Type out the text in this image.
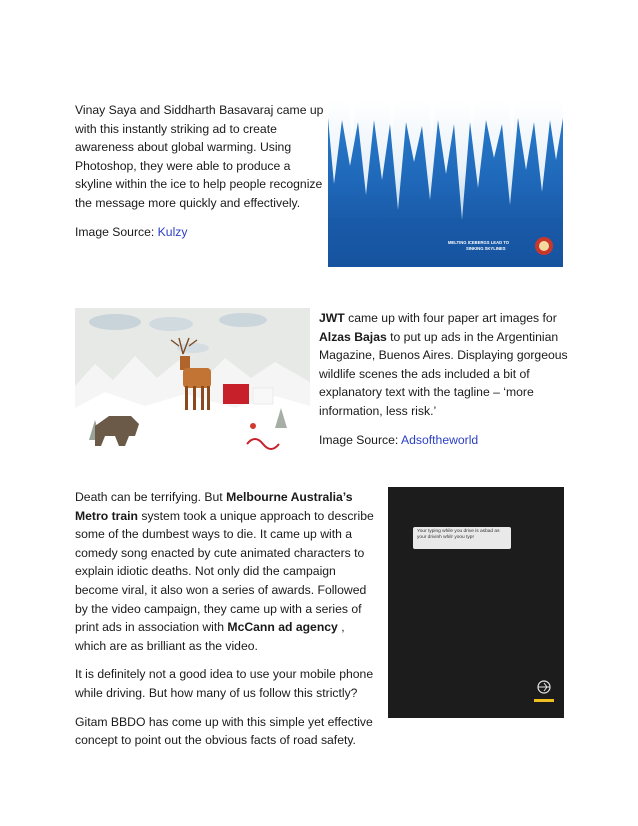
Vinay Saya and Siddharth Basavaraj came up with this instantly striking ad to create awareness about global warming. Using Photoshop, they were able to produce a skyline within the ice to help people recognize the message more quickly and effectively.

Image Source: Kulzy

MELTING ICEBERGS LEAD TO
SINKING SKYLINES

JWT came up with four paper art images for Alzas Bajas to put up ads in the Argentinian Magazine, Buenos Aires. Displaying gorgeous wildlife scenes the ads included a bit of explanatory text with the tagline – ‘more information, less risk.’

Image Source: Adsoftheworld

Death can be terrifying. But Melbourne Australia’s Metro train system took a unique approach to describe some of the dumbest ways to die. It came up with a comedy song enacted by cute animated characters to explain idiotic deaths. Not only did the campaign become viral, it also won a series of awards. Followed by the video campaign, they came up with a series of print ads in association with McCann ad agency , which are as brilliant as the video.

It is definitely not a good idea to use your mobile phone while driving. But how many of us follow this strictly?

Gitam BBDO has come up with this simple yet effective concept to point out the obvious facts of road safety.

Your typing while you drive is asbad as your drivinh whilr yoou typr
